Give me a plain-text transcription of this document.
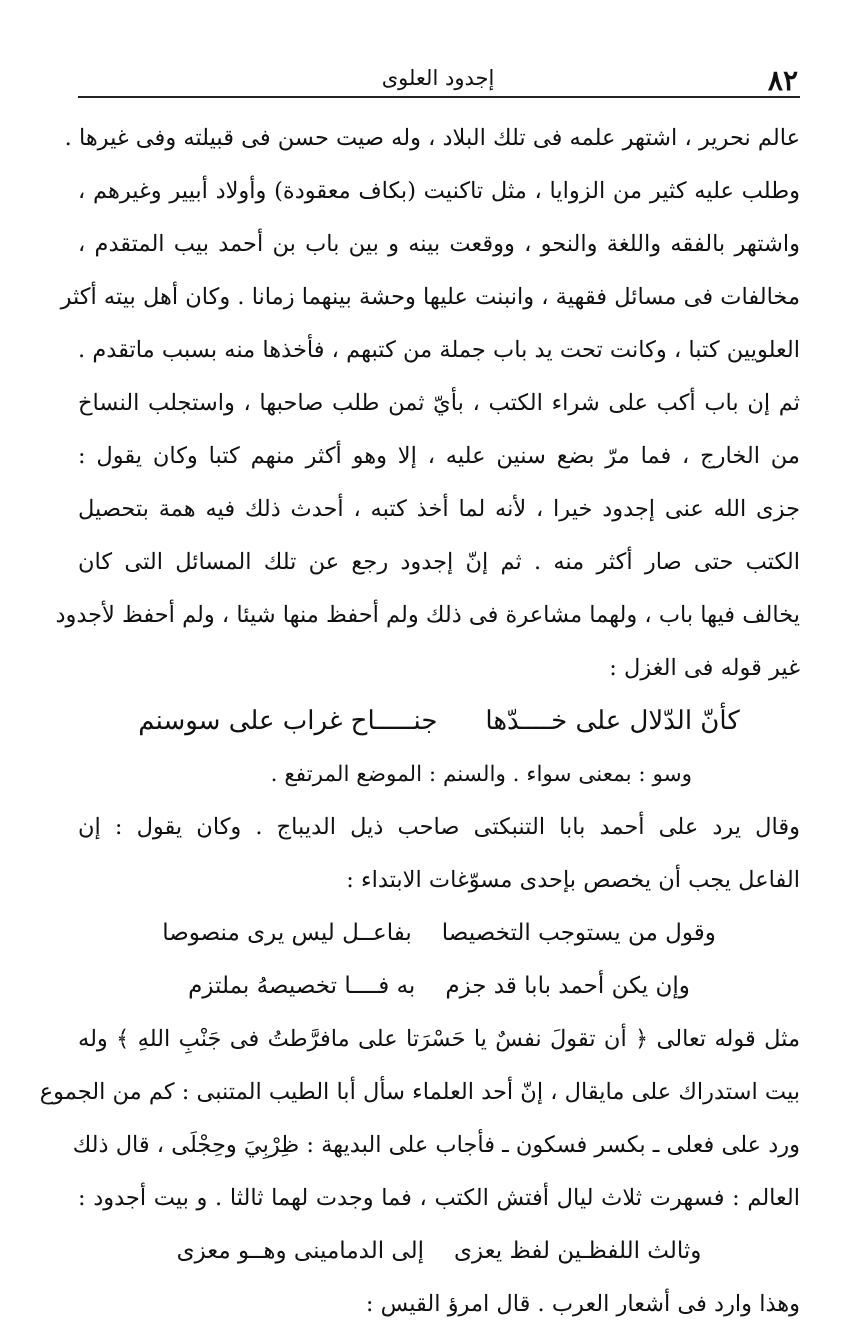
٨٢
إجدود العلوى
عالم نحرير ، اشتهر علمه فى تلك البلاد ، وله صيت حسن فى قبيلته وفى غيرها .
وطلب عليه كثير من الزوايا ، مثل تاكنيت (بكاف معقودة) وأولاد أبيير وغيرهم ،
واشتهر بالفقه واللغة والنحو ، ووقعت بينه و بين باب بن أحمد بيب المتقدم ،
مخالفات فى مسائل فقهية ، وانبنت عليها وحشة بينهما زمانا . وكان أهل بيته أكثر
العلويين كتبا ، وكانت تحت يد باب جملة من كتبهم ، فأخذها منه بسبب ماتقدم .
ثم إن باب أكب على شراء الكتب ، بأيّ ثمن طلب صاحبها ، واستجلب النساخ
من الخارج ، فما مرّ بضع سنين عليه ، إلا وهو أكثر منهم كتبا وكان يقول :
جزى الله عنى إجدود خيرا ، لأنه لما أخذ كتبه ، أحدث ذلك فيه همة بتحصيل
الكتب حتى صار أكثر منه . ثم إنّ إجدود رجع عن تلك المسائل التى كان
يخالف فيها باب ، ولهما مشاعرة فى ذلك ولم أحفظ منها شيئا ، ولم أحفظ لأجدود
غير قوله فى الغزل :
كأنّ الدّلال على خــــدّها
جنـــــاح غراب على سوسنم
وسو : بمعنى سواء . والسنم : الموضع المرتفع .
وقال يرد على أحمد بابا التنبكتى صاحب ذيل الديباج . وكان يقول : إن
الفاعل يجب أن يخصص بإحدى مسوّغات الابتداء :
وقول من يستوجب التخصيصا
بفاعــل ليس يرى منصوصا
وإن يكن أحمد بابا قد جزم
به فــــا تخصيصهُ بملتزم
مثل قوله تعالى ﴿ أن تقولَ نفسٌ يا حَسْرَتا على مافرَّطتُ فى جَنْبِ اللهِ ﴾ وله
بيت استدراك على مايقال ، إنّ أحد العلماء سأل أبا الطيب المتنبى : كم من الجموع
ورد على فعلى ـ بكسر فسكون ـ فأجاب على البديهة : ظِرْبِيَ وحِجْلَى ، قال ذلك
العالم : فسهرت ثلاث ليال أفتش الكتب ، فما وجدت لهما ثالثا . و بيت أجدود :
وثالث اللفظـين لفظ يعزى
إلى الدمامينى وهــو معزى
وهذا وارد فى أشعار العرب . قال امرؤ القيس :
